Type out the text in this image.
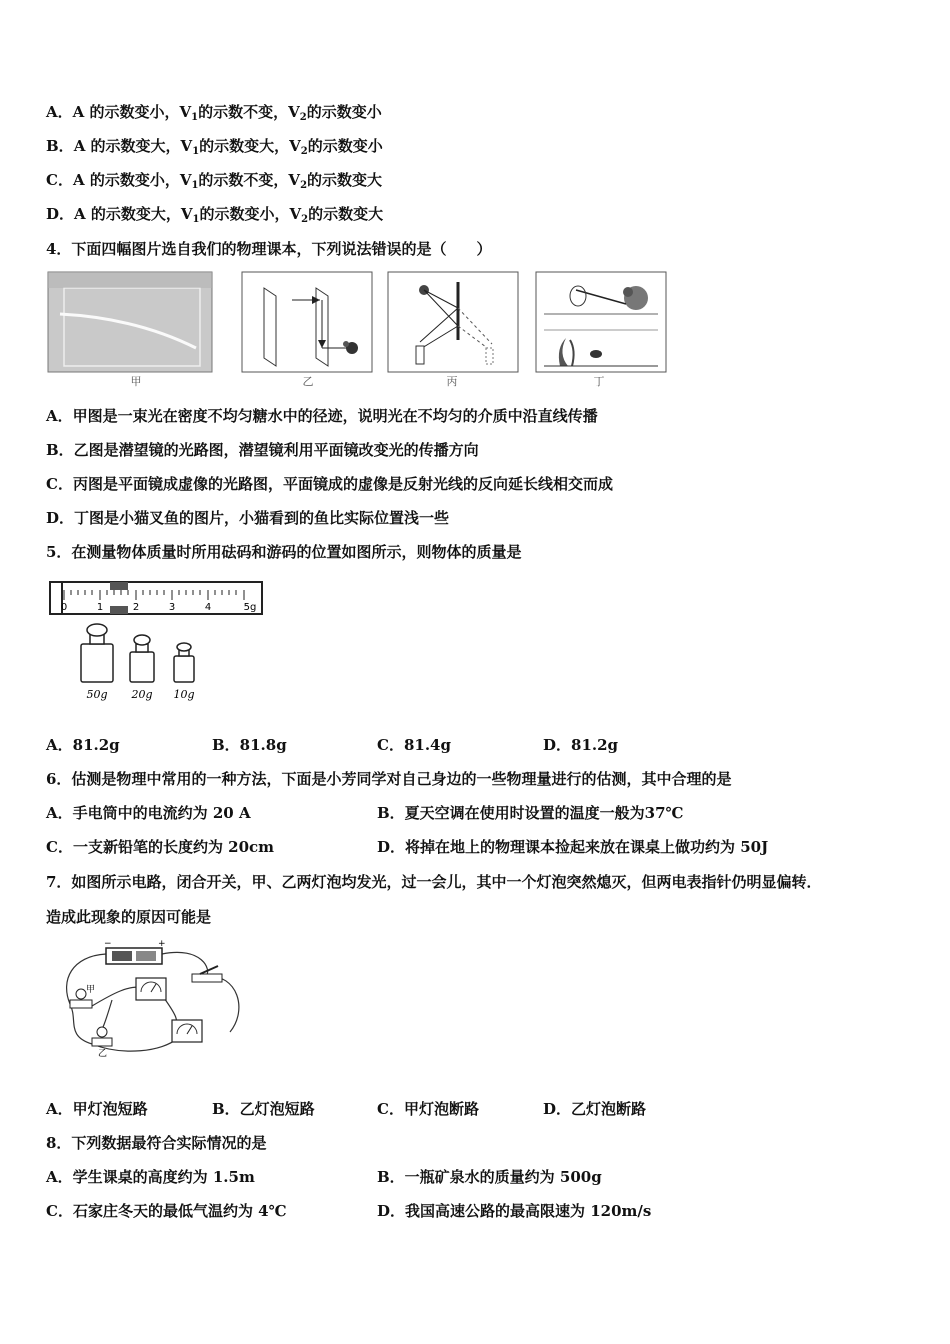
A．A 的示数变小，$V_1$的示数不变，$V_2$的示数变小
B．A 的示数变大，$V_1$的示数变大，$V_2$的示数变小
C．A 的示数变小，$V_1$的示数不变，$V_2$的示数变大
D．A 的示数变大，$V_1$的示数变小，$V_2$的示数变大
4．下面四幅图片选自我们的物理课本，下列说法错误的是（　　）
甲	乙	丙	丁
A．甲图是一束光在密度不均匀糖水中的径迹，说明光在不均匀的介质中沿直线传播
B．乙图是潜望镜的光路图，潜望镜利用平面镜改变光的传播方向
C．丙图是平面镜成虚像的光路图，平面镜成的虚像是反射光线的反向延长线相交而成
D．丁图是小猫叉鱼的图片，小猫看到的鱼比实际位置浅一些
5．在测量物体质量时所用砝码和游码的位置如图所示，则物体的质量是
0	1	2	3	4	5g
50g 20g 10g
A．81.2g	B．81.8g	C．81.4g	D．81.2g
6．估测是物理中常用的一种方法，下面是小芳同学对自己身边的一些物理量进行的估测，其中合理的是
A．手电筒中的电流约为 20 A	B．夏天空调在使用时设置的温度一般为37℃
C．一支新铅笔的长度约为 20cm	D．将掉在地上的物理课本捡起来放在课桌上做功约为 50J
7．如图所示电路，闭合开关，甲、乙两灯泡均发光，过一会儿，其中一个灯泡突然熄灭，但两电表指针仍明显偏转．
造成此现象的原因可能是
−	+
甲
乙
A．甲灯泡短路	B．乙灯泡短路	C．甲灯泡断路	D．乙灯泡断路
8．下列数据最符合实际情况的是
A．学生课桌的高度约为 1.5m	B．一瓶矿泉水的质量约为 500g
C．石家庄冬天的最低气温约为 4℃	D．我国高速公路的最高限速为 120m/s
